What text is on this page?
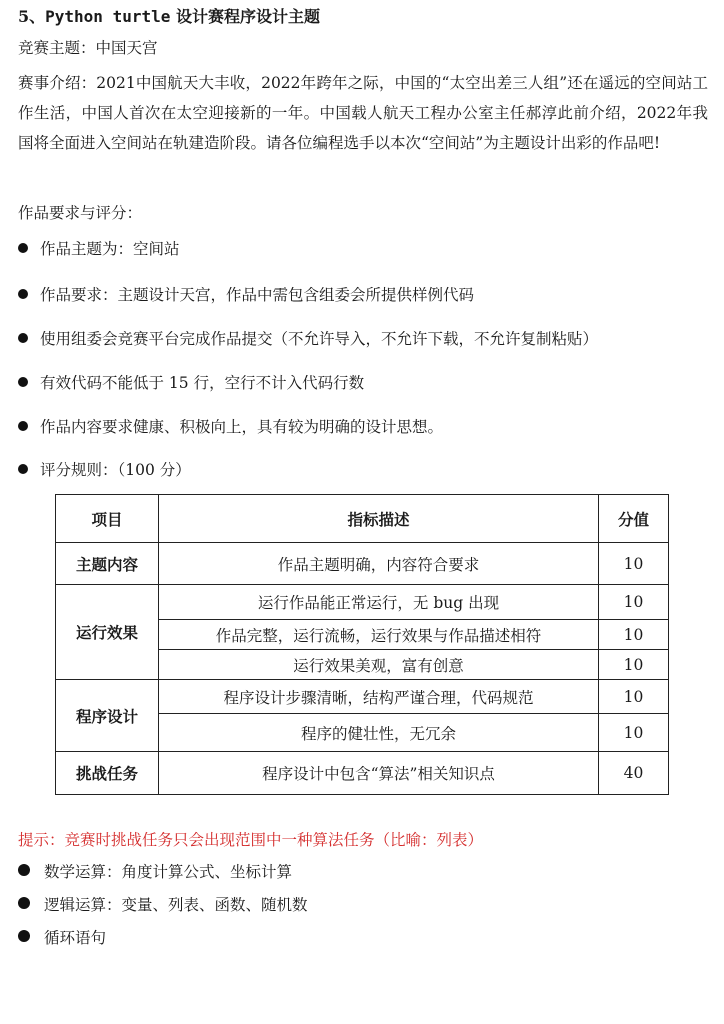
5、Python turtle 设计赛程序设计主题
竞赛主题：中国天宫
赛事介绍：2021中国航天大丰收，2022年跨年之际，中国的“太空出差三人组”还在遥远的空间站工作生活，中国人首次在太空迎接新的一年。中国载人航天工程办公室主任郝淳此前介绍，2022年我国将全面进入空间站在轨建造阶段。请各位编程选手以本次“空间站”为主题设计出彩的作品吧!
作品要求与评分：
作品主题为：空间站
作品要求：主题设计天宫，作品中需包含组委会所提供样例代码
使用组委会竞赛平台完成作品提交（不允许导入，不允许下载，不允许复制粘贴）
有效代码不能低于 15 行，空行不计入代码行数
作品内容要求健康、积极向上，具有较为明确的设计思想。
评分规则：（100 分）
项目	指标描述	分值
主题内容	作品主题明确，内容符合要求	10
运行效果	运行作品能正常运行，无 bug 出现	10
	作品完整，运行流畅，运行效果与作品描述相符	10
	运行效果美观，富有创意	10
程序设计	程序设计步骤清晰，结构严谨合理，代码规范	10
	程序的健壮性，无冗余	10
挑战任务	程序设计中包含“算法”相关知识点	40
提示：竞赛时挑战任务只会出现范围中一种算法任务（比喻：列表）
数学运算：角度计算公式、坐标计算
逻辑运算：变量、列表、函数、随机数
循环语句
